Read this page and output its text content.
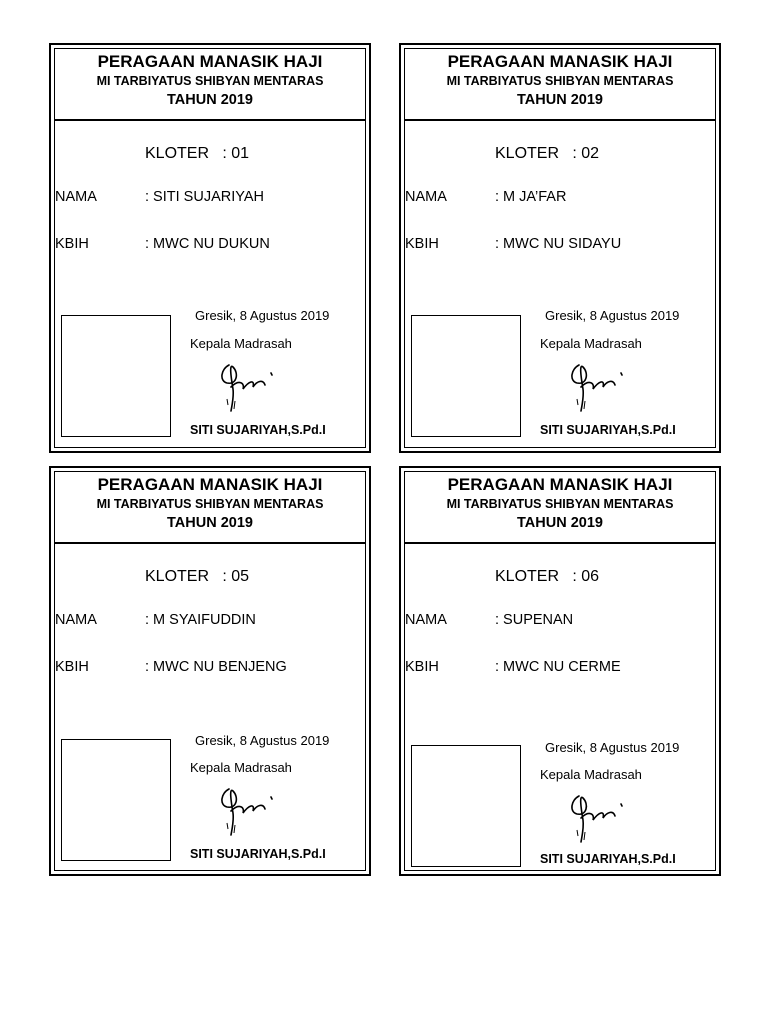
PERAGAAN MANASIK HAJI
MI TARBIYATUS SHIBYAN MENTARAS
TAHUN 2019
KLOTER   : 01
NAMA	: SITI SUJARIYAH
KBIH	: MWC NU DUKUN
Gresik, 8 Agustus 2019
Kepala Madrasah
SITI SUJARIYAH,S.Pd.I
PERAGAAN MANASIK HAJI
MI TARBIYATUS SHIBYAN MENTARAS
TAHUN 2019
KLOTER   : 02
NAMA	: M JA’FAR
KBIH	: MWC NU SIDAYU
Gresik, 8 Agustus 2019
Kepala Madrasah
SITI SUJARIYAH,S.Pd.I
PERAGAAN MANASIK HAJI
MI TARBIYATUS SHIBYAN MENTARAS
TAHUN 2019
KLOTER   : 05
NAMA	: M SYAIFUDDIN
KBIH	: MWC NU BENJENG
Gresik, 8 Agustus 2019
Kepala Madrasah
SITI SUJARIYAH,S.Pd.I
PERAGAAN MANASIK HAJI
MI TARBIYATUS SHIBYAN MENTARAS
TAHUN 2019
KLOTER   : 06
NAMA	: SUPENAN
KBIH	: MWC NU CERME
Gresik, 8 Agustus 2019
Kepala Madrasah
SITI SUJARIYAH,S.Pd.I
